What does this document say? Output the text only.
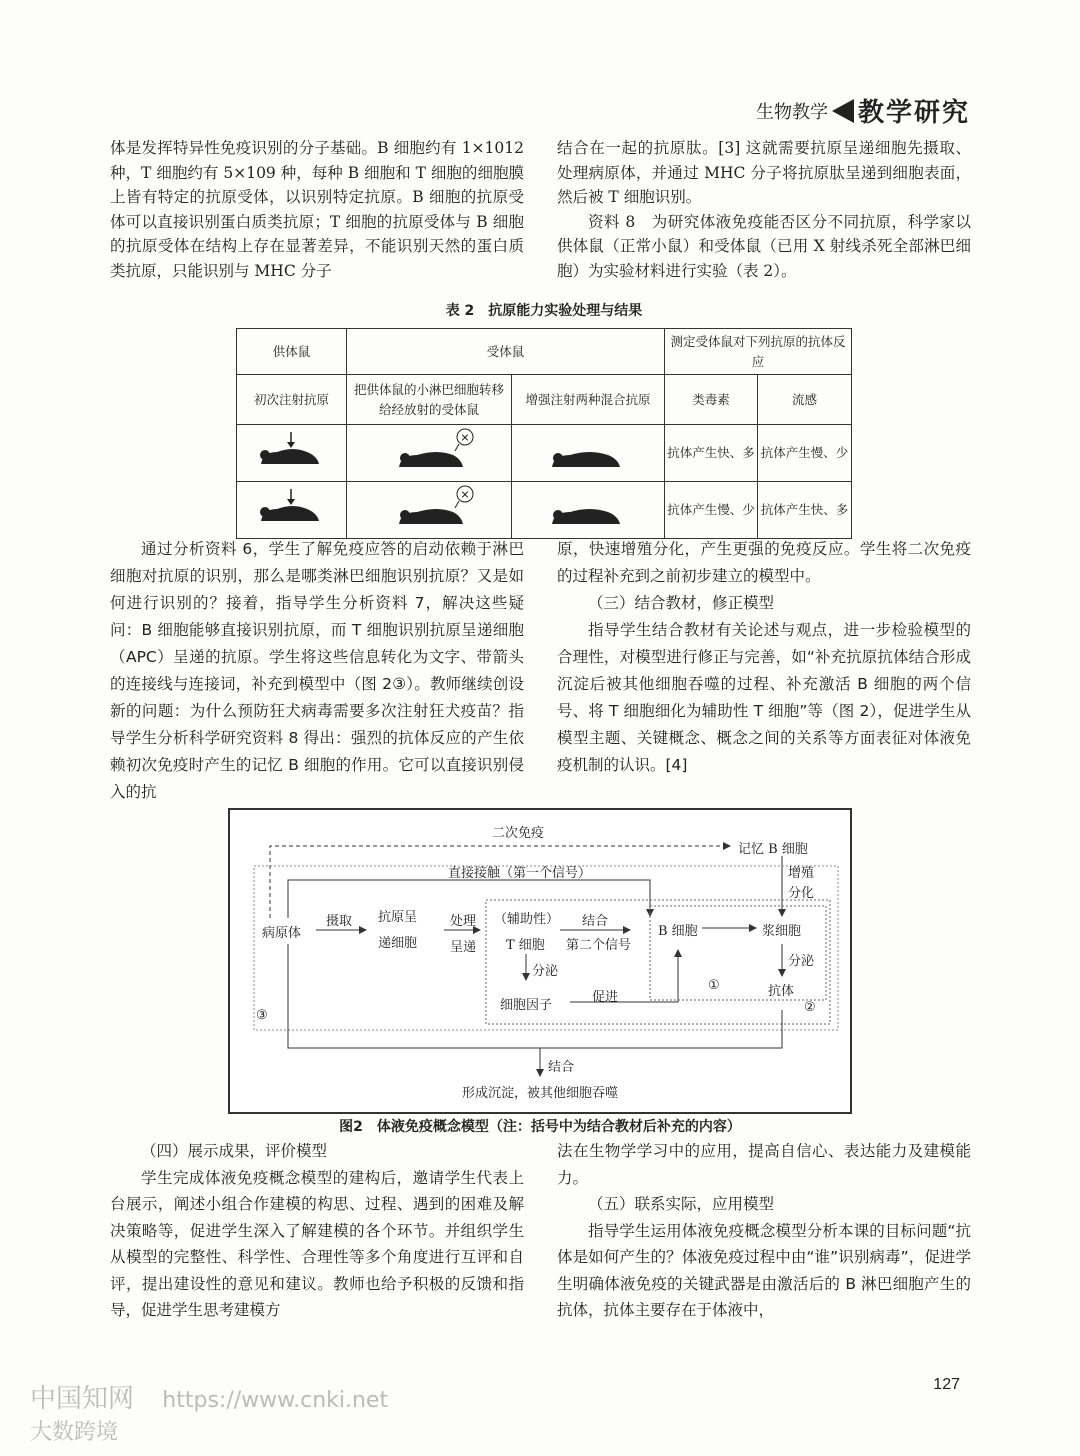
生物教学 教学研究

体是发挥特异性免疫识别的分子基础。B 细胞约有 1×1012 种，T 细胞约有 5×109 种，每种 B 细胞和 T 细胞的细胞膜上皆有特定的抗原受体，以识别特定抗原。B 细胞的抗原受体可以直接识别蛋白质类抗原；T 细胞的抗原受体与 B 细胞的抗原受体在结构上存在显著差异，不能识别天然的蛋白质类抗原，只能识别与 MHC 分子

结合在一起的抗原肽。[3] 这就需要抗原呈递细胞先摄取、处理病原体，并通过 MHC 分子将抗原肽呈递到细胞表面，然后被 T 细胞识别。

资料 8　为研究体液免疫能否区分不同抗原，科学家以供体鼠（正常小鼠）和受体鼠（已用 X 射线杀死全部淋巴细胞）为实验材料进行实验（表 2）。

表 2　抗原能力实验处理与结果
供体鼠	受体鼠		测定受体鼠对下列抗原的抗体反应	
初次注射抗原	把供体鼠的小淋巴细胞转移给经放射的受体鼠	增强注射两种混合抗原	类毒素	流感

×		抗体产生快、多	抗体产生慢、少

×		抗体产生慢、少	抗体产生快、多

通过分析资料 6，学生了解免疫应答的启动依赖于淋巴细胞对抗原的识别，那么是哪类淋巴细胞识别抗原？又是如何进行识别的？接着，指导学生分析资料 7，解决这些疑问：B 细胞能够直接识别抗原，而 T 细胞识别抗原呈递细胞（APC）呈递的抗原。学生将这些信息转化为文字、带箭头的连接线与连接词，补充到模型中（图 2③）。教师继续创设新的问题：为什么预防狂犬病毒需要多次注射狂犬疫苗？指导学生分析科学研究资料 8 得出：强烈的抗体反应的产生依赖初次免疫时产生的记忆 B 细胞的作用。它可以直接识别侵入的抗

原，快速增殖分化，产生更强的免疫反应。学生将二次免疫的过程补充到之前初步建立的模型中。

（三）结合教材，修正模型

指导学生结合教材有关论述与观点，进一步检验模型的合理性，对模型进行修正与完善，如“补充抗原抗体结合形成沉淀后被其他细胞吞噬的过程、补充激活 B 细胞的两个信号、将 T 细胞细化为辅助性 T 细胞”等（图 2），促进学生从模型主题、关键概念、概念之间的关系等方面表征对体液免疫机制的认识。[4]

二次免疫
记忆 B 细胞
增殖
分化
直接接触（第一个信号）
病原体
摄取 抗原呈
递细胞
处理
呈递
（辅助性）
T 细胞
结合
第二个信号
B 细胞	浆细胞
分泌
分泌
细胞因子
促进	抗体
①
②
③
结合
形成沉淀，被其他细胞吞噬
图2　体液免疫概念模型（注：括号中为结合教材后补充的内容）

（四）展示成果，评价模型

学生完成体液免疫概念模型的建构后，邀请学生代表上台展示，阐述小组合作建模的构思、过程、遇到的困难及解决策略等，促进学生深入了解建模的各个环节。并组织学生从模型的完整性、科学性、合理性等多个角度进行互评和自评，提出建设性的意见和建议。教师也给予积极的反馈和指导，促进学生思考建模方

法在生物学学习中的应用，提高自信心、表达能力及建模能力。

（五）联系实际，应用模型

指导学生运用体液免疫概念模型分析本课的目标问题“抗体是如何产生的？体液免疫过程中由“谁”识别病毒”，促进学生明确体液免疫的关键武器是由激活后的 B 淋巴细胞产生的抗体，抗体主要存在于体液中，

127
中国知网 https://www.cnki.net
大数跨境
